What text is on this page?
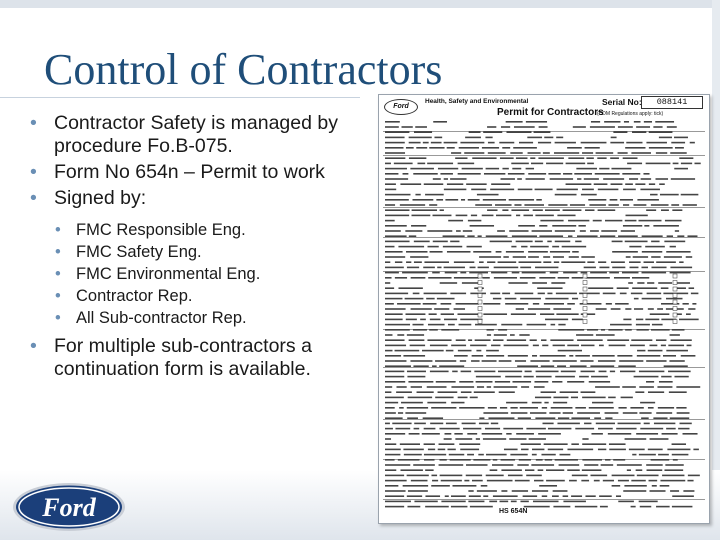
Control of Contractors
• Contractor Safety is managed by procedure Fo.B-075.
• Form No 654n – Permit to work
• Signed by:
• FMC Responsible Eng.
• FMC Safety Eng.
• FMC Environmental Eng.
• Contractor Rep.
• All Sub-contractor Rep.
• For multiple sub-contractors a continuation form is available.
Ford
Ford
Health, Safety and Environmental
Permit for Contractors
Serial No:	088141
(CDM Regulations apply: tick)
HS 654N
